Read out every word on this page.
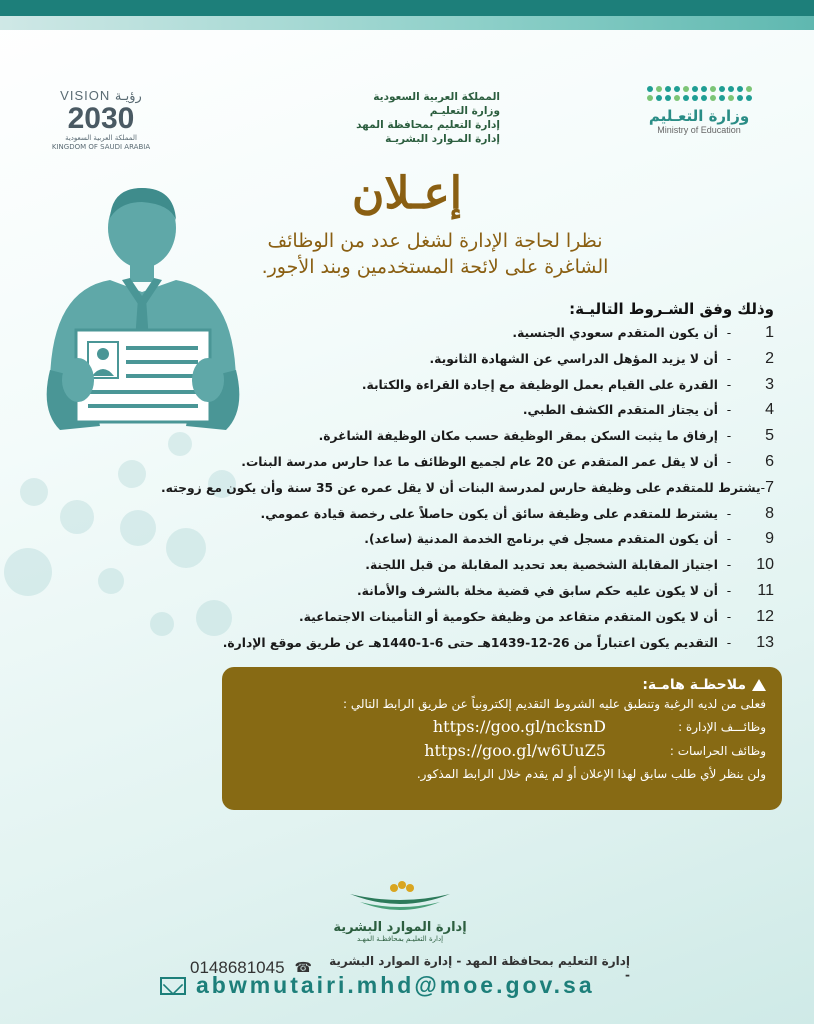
VISION رؤيـة
2030
المملكة العربية السعودية
KINGDOM OF SAUDI ARABIA
المملكة العربية السعودية
وزارة التعليـم
إدارة التعليم بمحافظة المهد
إدارة المـوارد البشريـة
وزارة التعـليم
Ministry of Education
إعـلان
نظرا لحاجة الإدارة لشغل عدد من الوظائف الشاغرة على لائحة المستخدمين وبند الأجور.
وذلك وفق الشـروط التاليـة:
1
-
أن يكون المتقدم سعودي الجنسية.
2
-
أن لا يزيد المؤهل الدراسي عن الشهادة الثانوية.
3
-
القدرة على القيام بعمل الوظيفة مع إجادة القراءة والكتابة.
4
-
أن يجتاز المتقدم الكشف الطبي.
5
-
إرفاق ما يثبت السكن بمقر الوظيفة حسب مكان الوظيفة الشاغرة.
6
-
أن لا يقل عمر المتقدم عن 20 عام لجميع الوظائف ما عدا حارس مدرسة البنات.
7
-
يشترط للمتقدم على وظيفة حارس لمدرسة البنات أن لا يقل عمره عن 35 سنة وأن يكون مع زوجته.
8
-
يشترط للمتقدم على وظيفة سائق أن يكون حاصلاً على رخصة قيادة عمومي.
9
-
أن يكون المتقدم مسجل في برنامج الخدمة المدنية (ساعد).
10
-
اجتياز المقابلة الشخصية بعد تحديد المقابلة من قبل اللجنة.
11
-
أن لا يكون عليه حكم سابق في قضية مخلة بالشرف والأمانة.
12
-
أن لا يكون المتقدم متقاعد من وظيفة حكومية أو التأمينات الاجتماعية.
13
-
التقديم يكون اعتباراً من 26-12-1439هـ حتى 6-1-1440هـ عن طريق موقع الإدارة.
ملاحظـة هامـة:
فعلى من لديه الرغبة وتنطبق عليه الشروط التقديم إلكترونياً عن طريق الرابط التالي :
وظائـــف الإدارة :
https://goo.gl/ncksnD
وظائف الحراسات :
https://goo.gl/w6UuZ5
ولن ينظر لأي طلب سابق لهذا الإعلان أو لم يقدم خلال الرابط المذكور.
إدارة الموارد البشرية
إدارة التعليـم بمحافظـة المهـد
إدارة التعليم بمحافظة المهد - إدارة الموارد البشرية -
☎
0148681045
abwmutairi.mhd@moe.gov.sa
